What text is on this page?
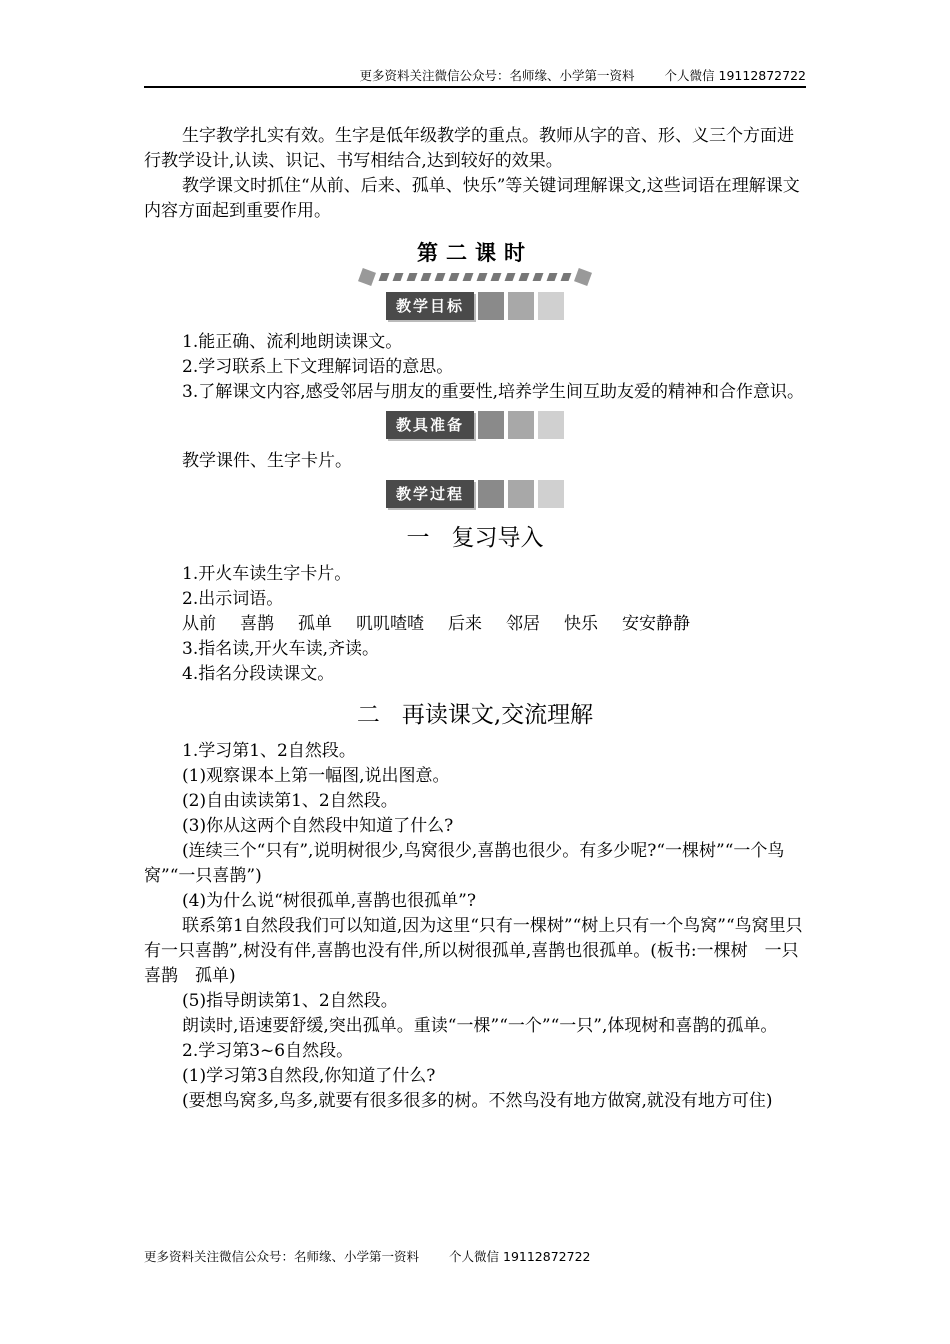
更多资料关注微信公众号：名师缘、小学第一资料 个人微信 19112872722

生字教学扎实有效。生字是低年级教学的重点。教师从字的音、形、义三个方面进行教学设计,认读、识记、书写相结合,达到较好的效果。

教学课文时抓住“从前、后来、孤单、快乐”等关键词理解课文,这些词语在理解课文内容方面起到重要作用。

第二课时
教学目标

1.能正确、流利地朗读课文。

2.学习联系上下文理解词语的意思。

3.了解课文内容,感受邻居与朋友的重要性,培养学生间互助友爱的精神和合作意识。

教具准备

教学课件、生字卡片。

教学过程
一 复习导入

1.开火车读生字卡片。

2.出示词语。

从前 喜鹊 孤单 叽叽喳喳 后来 邻居 快乐 安安静静

3.指名读,开火车读,齐读。

4.指名分段读课文。

二 再读课文,交流理解

1.学习第1、2自然段。

(1)观察课本上第一幅图,说出图意。

(2)自由读读第1、2自然段。

(3)你从这两个自然段中知道了什么?

(连续三个“只有”,说明树很少,鸟窝很少,喜鹊也很少。有多少呢?“一棵树”“一个鸟窝”“一只喜鹊”)

(4)为什么说“树很孤单,喜鹊也很孤单”?

联系第1自然段我们可以知道,因为这里“只有一棵树”“树上只有一个鸟窝”“鸟窝里只有一只喜鹊”,树没有伴,喜鹊也没有伴,所以树很孤单,喜鹊也很孤单。(板书:一棵树　一只喜鹊　孤单)

(5)指导朗读第1、2自然段。

朗读时,语速要舒缓,突出孤单。重读“一棵”“一个”“一只”,体现树和喜鹊的孤单。

2.学习第3~6自然段。

(1)学习第3自然段,你知道了什么?

(要想鸟窝多,鸟多,就要有很多很多的树。不然鸟没有地方做窝,就没有地方可住)

更多资料关注微信公众号：名师缘、小学第一资料 个人微信 19112872722
